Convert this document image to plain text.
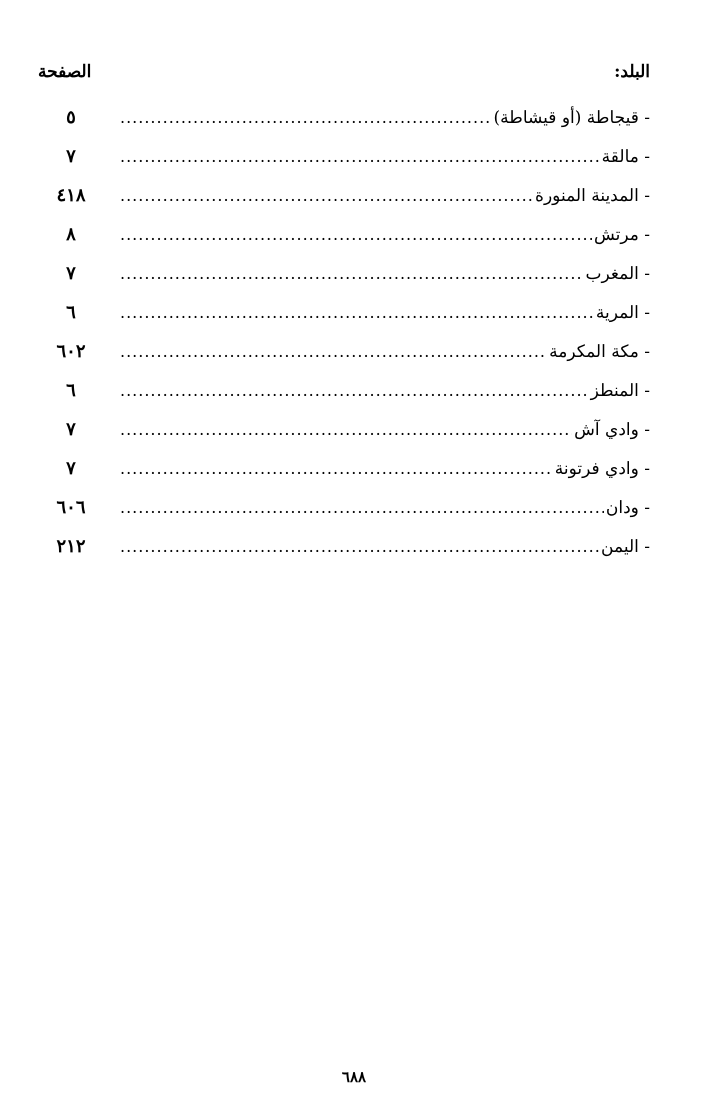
البلد:
الصفحة
- قيجاطة (أو قيشاطة)
.....
٥
- مالقة
.....
٧
- المدينة المنورة
.....
٤١٨
- مرتش
.....
٨
- المغرب
.....
٧
- المرية
.....
٦
- مكة المكرمة
.....
٦٠٢
- المنطز
.....
٦
- وادي آش
.....
٧
- وادي فرتونة
.....
٧
- ودان
.....
٦٠٦
- اليمن
.....
٢١٢
٦٨٨
